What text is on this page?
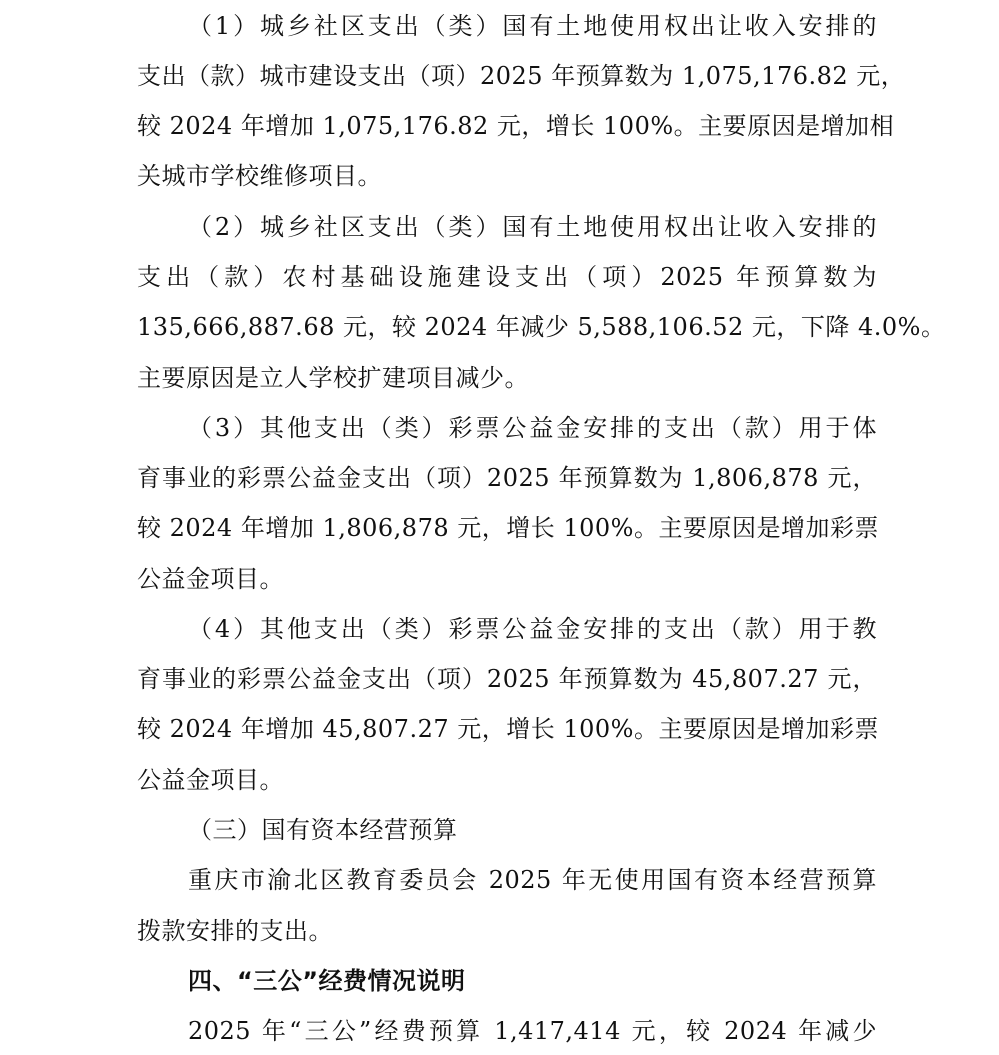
（1）城乡社区支出（类）国有土地使用权出让收入安排的
支出（款）城市建设支出（项）2025 年预算数为 1,075,176.82 元，
较 2024 年增加 1,075,176.82 元，增长 100%。主要原因是增加相
关城市学校维修项目。
（2）城乡社区支出（类）国有土地使用权出让收入安排的
支出（款）农村基础设施建设支出（项）2025 年预算数为
135,666,887.68 元，较 2024 年减少 5,588,106.52 元，下降 4.0%。
主要原因是立人学校扩建项目减少。
（3）其他支出（类）彩票公益金安排的支出（款）用于体
育事业的彩票公益金支出（项）2025 年预算数为 1,806,878 元，
较 2024 年增加 1,806,878 元，增长 100%。主要原因是增加彩票
公益金项目。
（4）其他支出（类）彩票公益金安排的支出（款）用于教
育事业的彩票公益金支出（项）2025 年预算数为 45,807.27 元，
较 2024 年增加 45,807.27 元，增长 100%。主要原因是增加彩票
公益金项目。
（三）国有资本经营预算
重庆市渝北区教育委员会 2025 年无使用国有资本经营预算
拨款安排的支出。
四、“三公”经费情况说明
2025 年“三公”经费预算 1,417,414 元，较 2024 年减少
